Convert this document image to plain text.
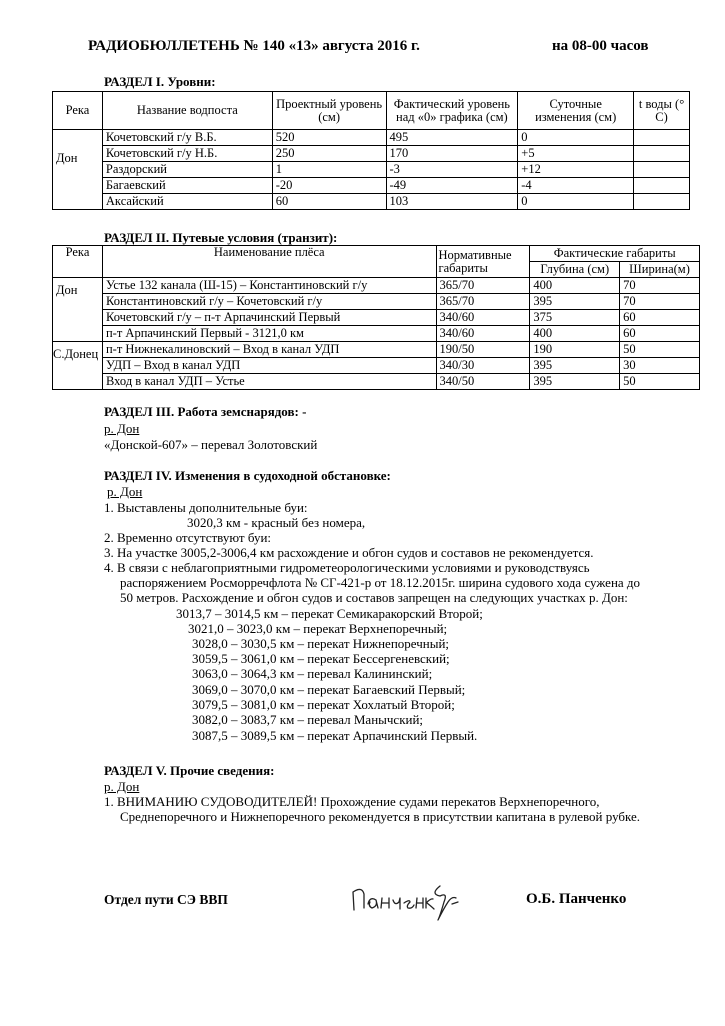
РАДИОБЮЛЛЕТЕНЬ № 140 «13» августа 2016 г.	на 08-00 часов
РАЗДЕЛ I. Уровни:
Река	Название водпоста	Проектный уровень (см)	Фактический уровень над «0» графика (см)	Суточные изменения (см)	t воды (° С)
Дон	Кочетовский г/у В.Б.	520	495	0	
	Кочетовский г/у Н.Б.	250	170	+5	
	Раздорский	1	-3	+12	
	Багаевский	-20	-49	-4	
	Аксайский	60	103	0	
РАЗДЕЛ II. Путевые условия (транзит):
Река	Наименование плёса	Нормативные габариты	Фактические габариты	
			Глубина (см)	Ширина(м)
Дон	Устье 132 канала (Ш-15) – Константиновский г/у	365/70	400	70
	Константиновский г/у – Кочетовский г/у	365/70	395	70
	Кочетовский г/у – п-т Арпачинский Первый	340/60	375	60
	п-т Арпачинский Первый - 3121,0 км	340/60	400	60
С.Донец	п-т Нижнекалиновский – Вход в канал УДП	190/50	190	50
	УДП – Вход в канал УДП	340/30	395	30
	Вход в канал УДП – Устье	340/50	395	50
РАЗДЕЛ III. Работа земснарядов: -
р. Дон
«Донской-607» – перевал Золотовский
РАЗДЕЛ IV. Изменения в судоходной обстановке:
р. Дон
1. Выставлены дополнительные буи:
3020,3 км - красный без номера,
2. Временно отсутствуют буи:
3. На участке 3005,2-3006,4 км расхождение и обгон судов и составов не рекомендуется.
4. В связи с неблагоприятными гидрометеорологическими условиями и руководствуясь
распоряжением Росморречфлота № СГ-421-р от 18.12.2015г. ширина судового хода сужена до
50 метров. Расхождение и обгон судов и составов запрещен на следующих участках р. Дон:
3013,7 – 3014,5 км – перекат Семикаракорский Второй;
3021,0 – 3023,0 км – перекат Верхнепоречный;
3028,0 – 3030,5 км – перекат Нижнепоречный;
3059,5 – 3061,0 км – перекат Бессергеневский;
3063,0 – 3064,3 км – перевал Калининский;
3069,0 – 3070,0 км – перекат Багаевский Первый;
3079,5 – 3081,0 км – перекат Хохлатый Второй;
3082,0 – 3083,7 км – перевал Манычский;
3087,5 – 3089,5 км – перекат Арпачинский Первый.
РАЗДЕЛ V. Прочие сведения:
р. Дон
1. ВНИМАНИЮ СУДОВОДИТЕЛЕЙ! Прохождение судами перекатов Верхнепоречного,
Среднепоречного и Нижнепоречного рекомендуется в присутствии капитана в рулевой рубке.
Отдел пути СЭ ВВП	О.Б. Панченко
